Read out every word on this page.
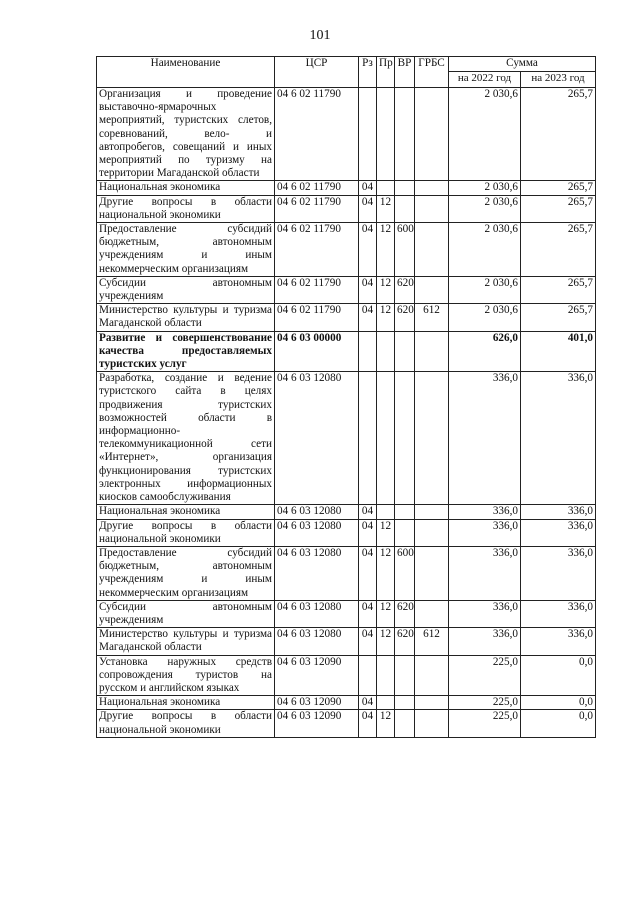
101
Наименование	ЦСР	Рз	Пр	ВР	ГРБС	Сумма	
						на 2022 год	на 2023 год
Организация и проведение выставочно-ярмарочных мероприятий, туристских слетов, соревнований, вело- и автопробегов, совещаний и иных мероприятий по туризму на территории Магаданской области	04 6 02 11790					2 030,6	265,7
Национальная экономика	04 6 02 11790	04				2 030,6	265,7
Другие вопросы в области национальной экономики	04 6 02 11790	04	12			2 030,6	265,7
Предоставление субсидий бюджетным, автономным учреждениям и иным некоммерческим организациям	04 6 02 11790	04	12	600		2 030,6	265,7
Субсидии автономным учреждениям	04 6 02 11790	04	12	620		2 030,6	265,7
Министерство культуры и туризма Магаданской области	04 6 02 11790	04	12	620	612	2 030,6	265,7
Развитие и совершенствование качества предоставляемых туристских услуг	04 6 03 00000					626,0	401,0
Разработка, создание и ведение туристского сайта в целях продвижения туристских возможностей области в информационно-телекоммуникационной сети «Интернет», организация функционирования туристских электронных информационных киосков самообслуживания	04 6 03 12080					336,0	336,0
Национальная экономика	04 6 03 12080	04				336,0	336,0
Другие вопросы в области национальной экономики	04 6 03 12080	04	12			336,0	336,0
Предоставление субсидий бюджетным, автономным учреждениям и иным некоммерческим организациям	04 6 03 12080	04	12	600		336,0	336,0
Субсидии автономным учреждениям	04 6 03 12080	04	12	620		336,0	336,0
Министерство культуры и туризма Магаданской области	04 6 03 12080	04	12	620	612	336,0	336,0
Установка наружных средств сопровождения туристов на русском и английском языках	04 6 03 12090					225,0	0,0
Национальная экономика	04 6 03 12090	04				225,0	0,0
Другие вопросы в области национальной экономики	04 6 03 12090	04	12			225,0	0,0
